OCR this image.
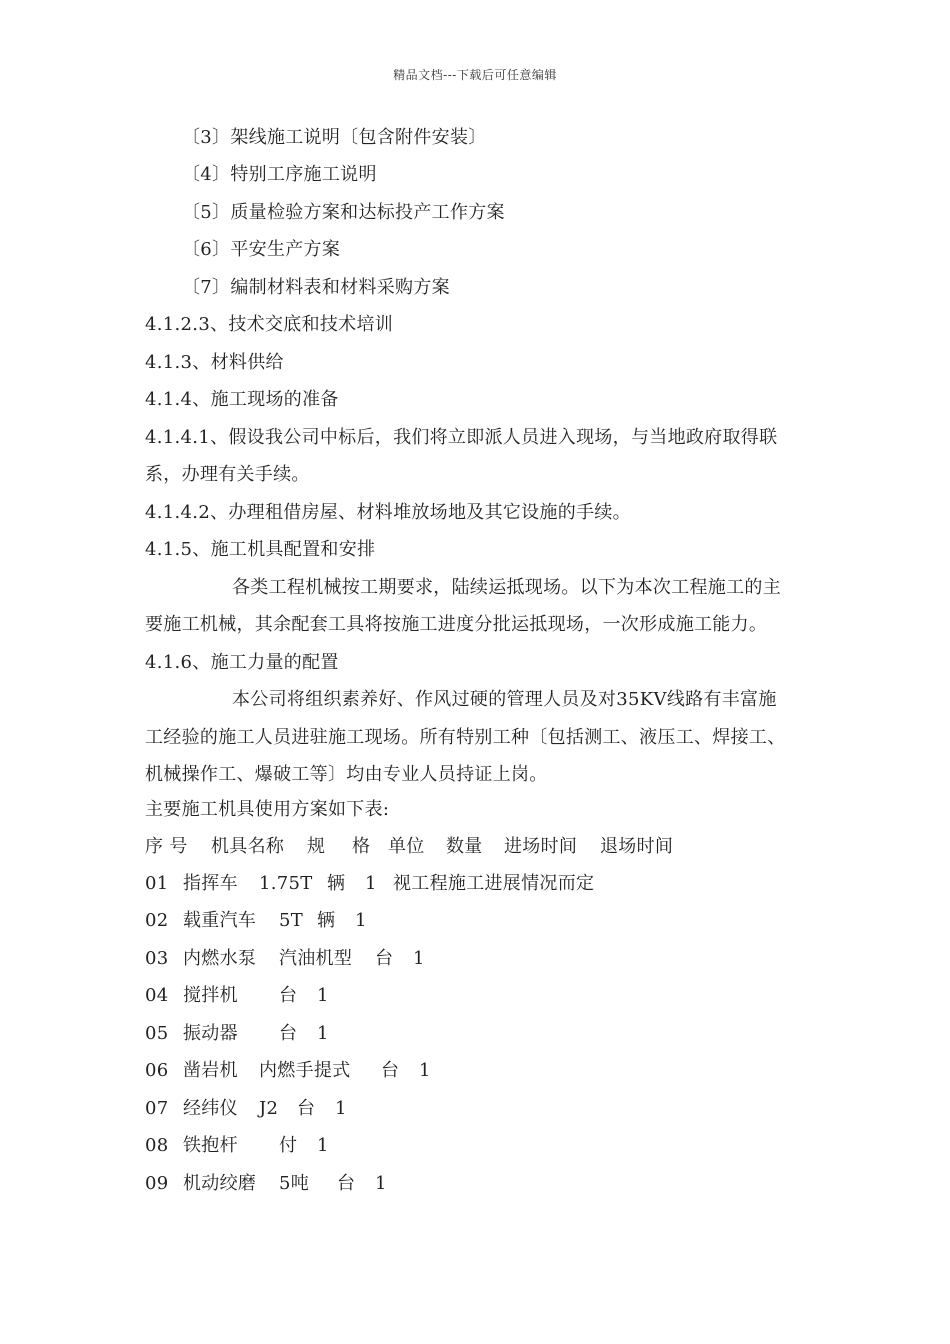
精品文档---下载后可任意编辑
〔3〕架线施工说明〔包含附件安装〕
〔4〕特别工序施工说明
〔5〕质量检验方案和达标投产工作方案
〔6〕平安生产方案
〔7〕编制材料表和材料采购方案
4.1.2.3、技术交底和技术培训
4.1.3、材料供给
4.1.4、施工现场的准备
4.1.4.1、假设我公司中标后，我们将立即派人员进入现场，与当地政府取得联
系，办理有关手续。
4.1.4.2、办理租借房屋、材料堆放场地及其它设施的手续。
4.1.5、施工机具配置和安排
各类工程机械按工期要求，陆续运抵现场。以下为本次工程施工的主
要施工机械，其余配套工具将按施工进度分批运抵现场，一次形成施工能力。
4.1.6、施工力量的配置
本公司将组织素养好、作风过硬的管理人员及对35KV线路有丰富施
工经验的施工人员进驻施工现场。所有特别工种〔包括测工、液压工、焊接工、
机械操作工、爆破工等〕均由专业人员持证上岗。
主要施工机具使用方案如下表:
序 号 机具名称 规 格 单位 数量 进场时间 退场时间
01 指挥车 1.75T 辆 1 视工程施工进展情况而定
02 载重汽车 5T 辆 1
03 内燃水泵 汽油机型 台 1
04 搅拌机 台 1
05 振动器 台 1
06 凿岩机 内燃手提式 台 1
07 经纬仪 J2 台 1
08 铁抱杆 付 1
09 机动绞磨 5吨 台 1
